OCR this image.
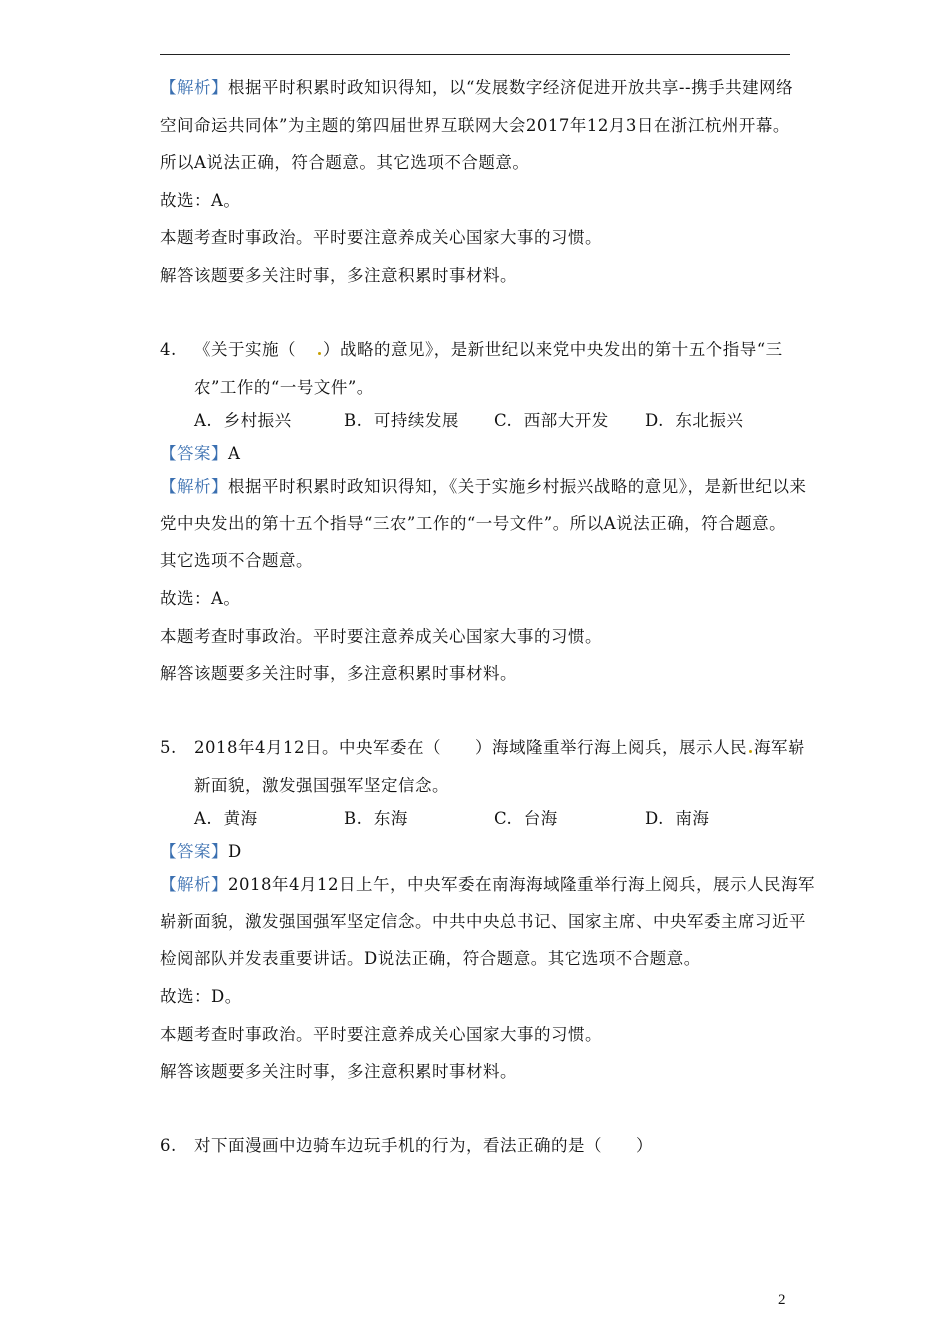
【解析】根据平时积累时政知识得知，以“发展数字经济促进开放共享--携手共建网络
空间命运共同体”为主题的第四届世界互联网大会2017年12月3日在浙江杭州开幕。
所以A说法正确，符合题意。其它选项不合题意。
故选：A。
本题考查时事政治。平时要注意养成关心国家大事的习惯。
解答该题要多关注时事，多注意积累时事材料。
4. 《关于实施（ ）战略的意见》，是新世纪以来党中央发出的第十五个指导“三
农”工作的“一号文件”。
A. 乡村振兴	B. 可持续发展 C. 西部大开发 D. 东北振兴
【答案】A
【解析】根据平时积累时政知识得知，《关于实施乡村振兴战略的意见》，是新世纪以来
党中央发出的第十五个指导“三农”工作的“一号文件”。所以A说法正确，符合题意。
其它选项不合题意。
故选：A。
本题考查时事政治。平时要注意养成关心国家大事的习惯。
解答该题要多关注时事，多注意积累时事材料。
5. 2018年4月12日。中央军委在（　　）海域隆重举行海上阅兵，展示人民 海军崭
新面貌，激发强国强军坚定信念。
A. 黄海	B. 东海	C. 台海	D. 南海
【答案】D
【解析】2018年4月12日上午，中央军委在南海海域隆重举行海上阅兵，展示人民海军
崭新面貌，激发强国强军坚定信念。中共中央总书记、国家主席、中央军委主席习近平
检阅部队并发表重要讲话。D说法正确，符合题意。其它选项不合题意。
故选：D。
本题考查时事政治。平时要注意养成关心国家大事的习惯。
解答该题要多关注时事，多注意积累时事材料。
6. 对下面漫画中边骑车边玩手机的行为，看法正确的是（　　）
2
